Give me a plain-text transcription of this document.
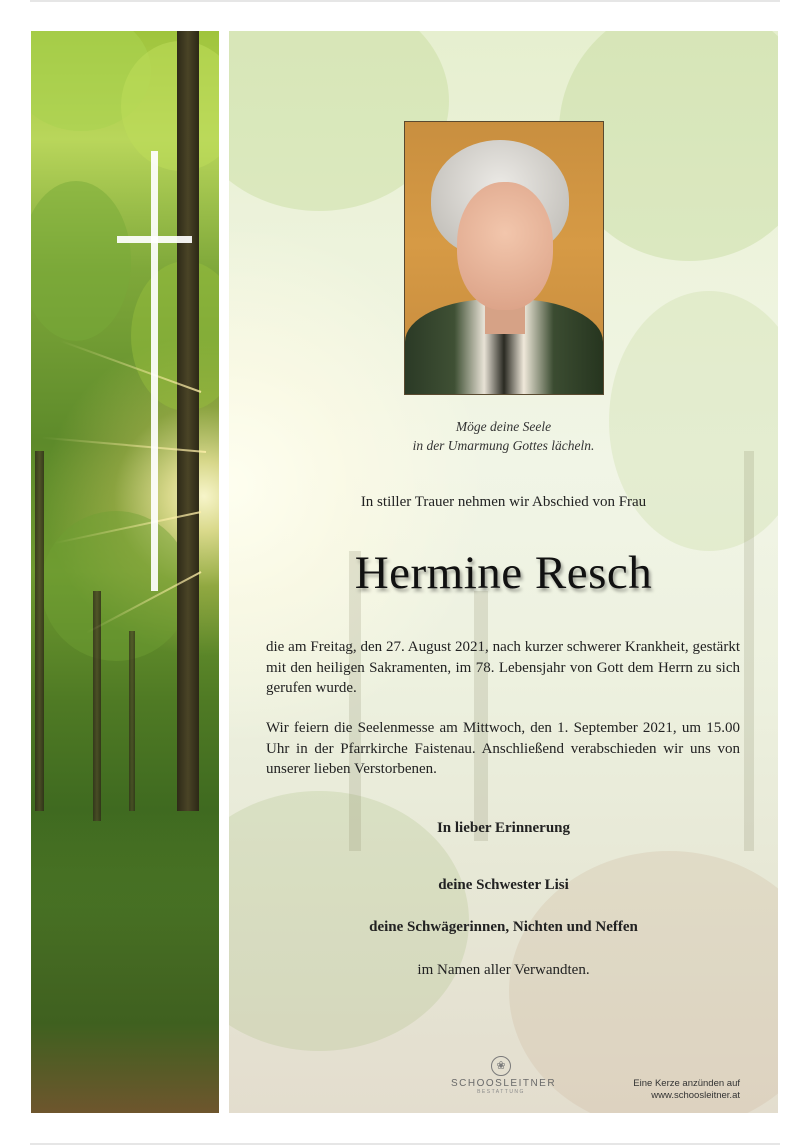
Möge deine Seele
in der Umarmung Gottes lächeln.
In stiller Trauer nehmen wir Abschied von Frau
Hermine Resch
die am Freitag, den 27. August 2021, nach kurzer schwerer Krankheit, gestärkt mit den heiligen Sakramenten, im 78. Lebensjahr von Gott dem Herrn zu sich gerufen wurde.
Wir feiern die Seelenmesse am Mittwoch, den 1. September 2021, um 15.00 Uhr in der Pfarrkirche Faistenau. Anschließend verabschieden wir uns von unserer lieben Verstorbenen.
In lieber Erinnerung
deine Schwester Lisi
deine Schwägerinnen, Nichten und Neffen
im Namen aller Verwandten.
❀
SCHOOSLEITNER
BESTATTUNG
Eine Kerze anzünden auf
www.schoosleitner.at
